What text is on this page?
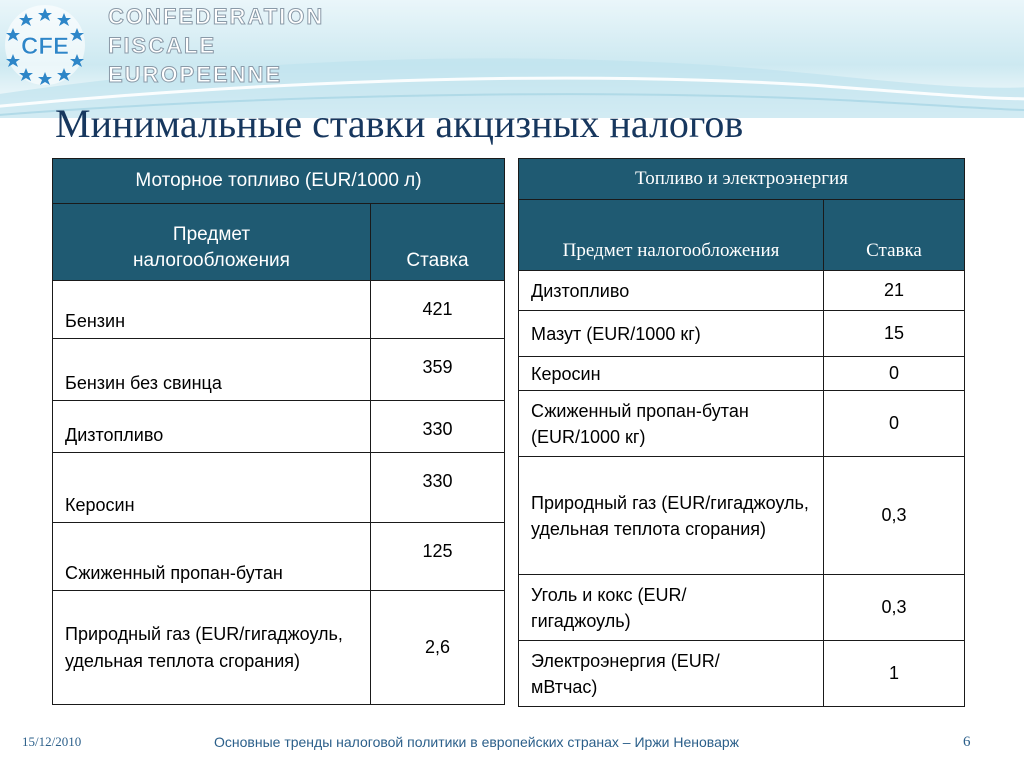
CFE
CONFEDERATION
FISCALE
EUROPEENNE
Минимальные ставки акцизных налогов
Моторное топливо (EUR/1000 л)	

Предмет налогообложения	Ставка

Бензин	421
Бензин без свинца	359
Дизтопливо	330
Керосин	330
Сжиженный пропан-бутан	125
Природный газ (EUR/гигаджоуль, удельная теплота сгорания)	2,6
Топливо и электроэнергия	

Предмет налогообложения	Ставка

Дизтопливо	21
Мазут (EUR/1000 кг)	15
Керосин	0
Сжиженный пропан-бутан (EUR/1000 кг)	0
Природный газ (EUR/гигаджоуль, удельная теплота сгорания)	0,3
Уголь и кокс (EUR/гигаджоуль)	0,3
Электроэнергия (EUR/мВтчас)	1
15/12/2010	Основные тренды налоговой политики в европейских странах – Иржи Неноварж	6
